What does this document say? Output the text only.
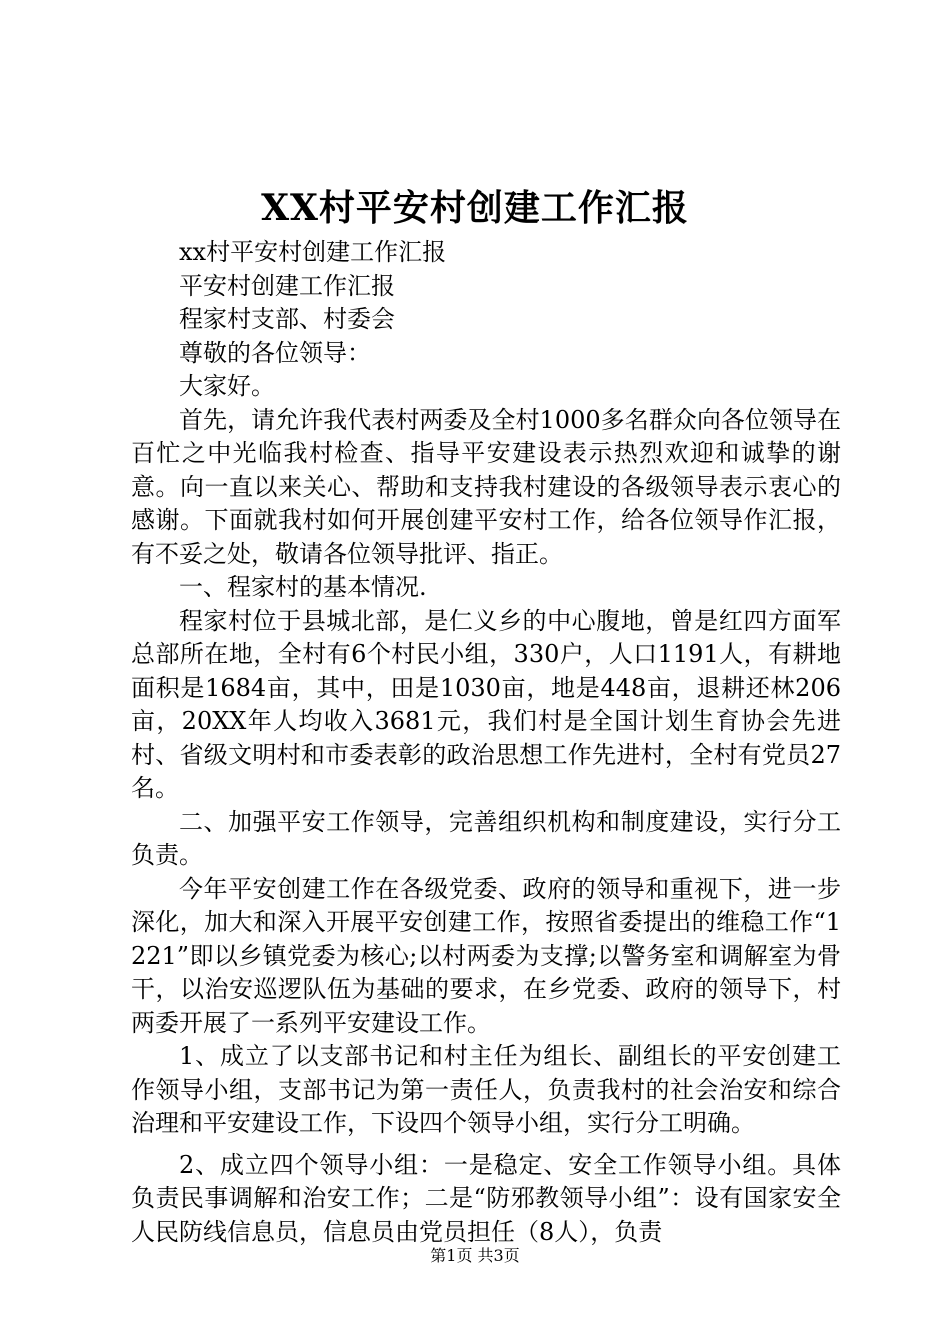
XX村平安村创建工作汇报

xx村平安村创建工作汇报

平安村创建工作汇报

程家村支部、村委会

尊敬的各位领导：

大家好。

首先，请允许我代表村两委及全村1000多名群众向各位领导在百忙之中光临我村检查、指导平安建设表示热烈欢迎和诚挚的谢意。向一直以来关心、帮助和支持我村建设的各级领导表示衷心的感谢。下面就我村如何开展创建平安村工作，给各位领导作汇报，有不妥之处，敬请各位领导批评、指正。

一、程家村的基本情况.

程家村位于县城北部，是仁义乡的中心腹地，曾是红四方面军总部所在地，全村有6个村民小组，330户，人口1191人，有耕地面积是1684亩，其中，田是1030亩，地是448亩，退耕还林206亩，20XX年人均收入3681元，我们村是全国计划生育协会先进村、省级文明村和市委表彰的政治思想工作先进村，全村有党员27名。

二、加强平安工作领导，完善组织机构和制度建设，实行分工负责。

今年平安创建工作在各级党委、政府的领导和重视下，进一步深化，加大和深入开展平安创建工作，按照省委提出的维稳工作“1221”即以乡镇党委为核心;以村两委为支撑;以警务室和调解室为骨干，以治安巡逻队伍为基础的要求，在乡党委、政府的领导下，村两委开展了一系列平安建设工作。

1、成立了以支部书记和村主任为组长、副组长的平安创建工作领导小组，支部书记为第一责任人，负责我村的社会治安和综合治理和平安建设工作，下设四个领导小组，实行分工明确。

2、成立四个领导小组：一是稳定、安全工作领导小组。具体负责民事调解和治安工作；二是“防邪教领导小组”：设有国家安全人民防线信息员，信息员由党员担任（8人），负责

第1页 共3页
